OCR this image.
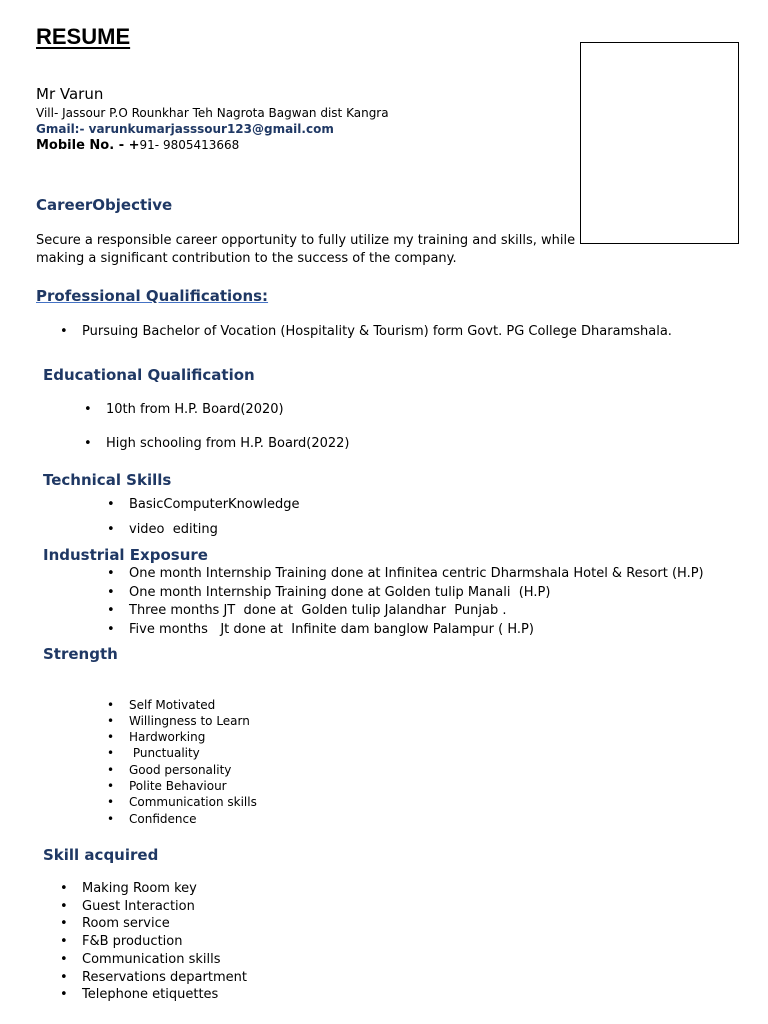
RESUME
Mr Varun
Vill- Jassour P.O Rounkhar Teh Nagrota Bagwan dist Kangra
Gmail:- varunkumarjasssour123@gmail.com
Mobile No. - +91- 9805413668
CareerObjective
Secure a responsible career opportunity to fully utilize my training and skills, while making a significant contribution to the success of the company.
Professional Qualifications:
• Pursuing Bachelor of Vocation (Hospitality & Tourism) form Govt. PG College Dharamshala.
Educational Qualification
• 10th from H.P. Board(2020)
• High schooling from H.P. Board(2022)
Technical Skills
• BasicComputerKnowledge
• video  editing
Industrial Exposure
• One month Internship Training done at Infinitea centric Dharmshala Hotel & Resort (H.P)
• One month Internship Training done at Golden tulip Manali  (H.P)
• Three months JT  done at  Golden tulip Jalandhar  Punjab .
• Five months   Jt done at  Infinite dam banglow Palampur ( H.P)
Strength
• Self Motivated
• Willingness to Learn
• Hardworking
• Punctuality
• Good personality
• Polite Behaviour
• Communication skills
• Confidence
Skill acquired
• Making Room key
• Guest Interaction
• Room service
• F&B production
• Communication skills
• Reservations department
• Telephone etiquettes
